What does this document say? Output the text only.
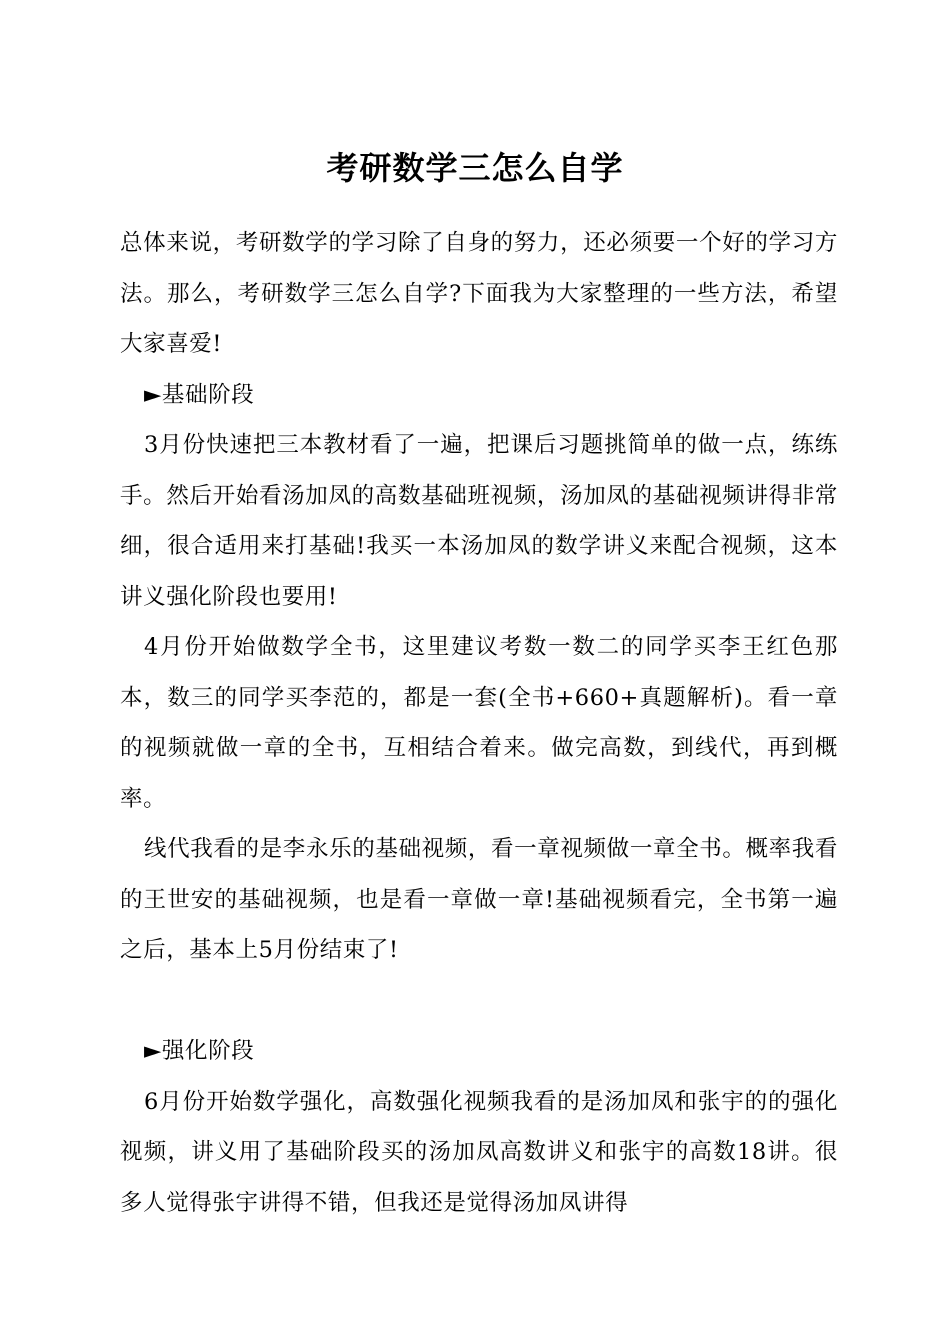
考研数学三怎么自学

总体来说，考研数学的学习除了自身的努力，还必须要一个好的学习方法。那么，考研数学三怎么自学?下面我为大家整理的一些方法，希望大家喜爱!

►基础阶段

3月份快速把三本教材看了一遍，把课后习题挑简单的做一点，练练手。然后开始看汤加凤的高数基础班视频，汤加凤的基础视频讲得非常细，很合适用来打基础!我买一本汤加凤的数学讲义来配合视频，这本讲义强化阶段也要用!

4月份开始做数学全书，这里建议考数一数二的同学买李王红色那本，数三的同学买李范的，都是一套(全书+660+真题解析)。看一章的视频就做一章的全书，互相结合着来。做完高数，到线代，再到概率。

线代我看的是李永乐的基础视频，看一章视频做一章全书。概率我看的王世安的基础视频，也是看一章做一章!基础视频看完，全书第一遍之后，基本上5月份结束了!

►强化阶段

6月份开始数学强化，高数强化视频我看的是汤加凤和张宇的的强化视频，讲义用了基础阶段买的汤加凤高数讲义和张宇的高数18讲。很多人觉得张宇讲得不错，但我还是觉得汤加凤讲得
